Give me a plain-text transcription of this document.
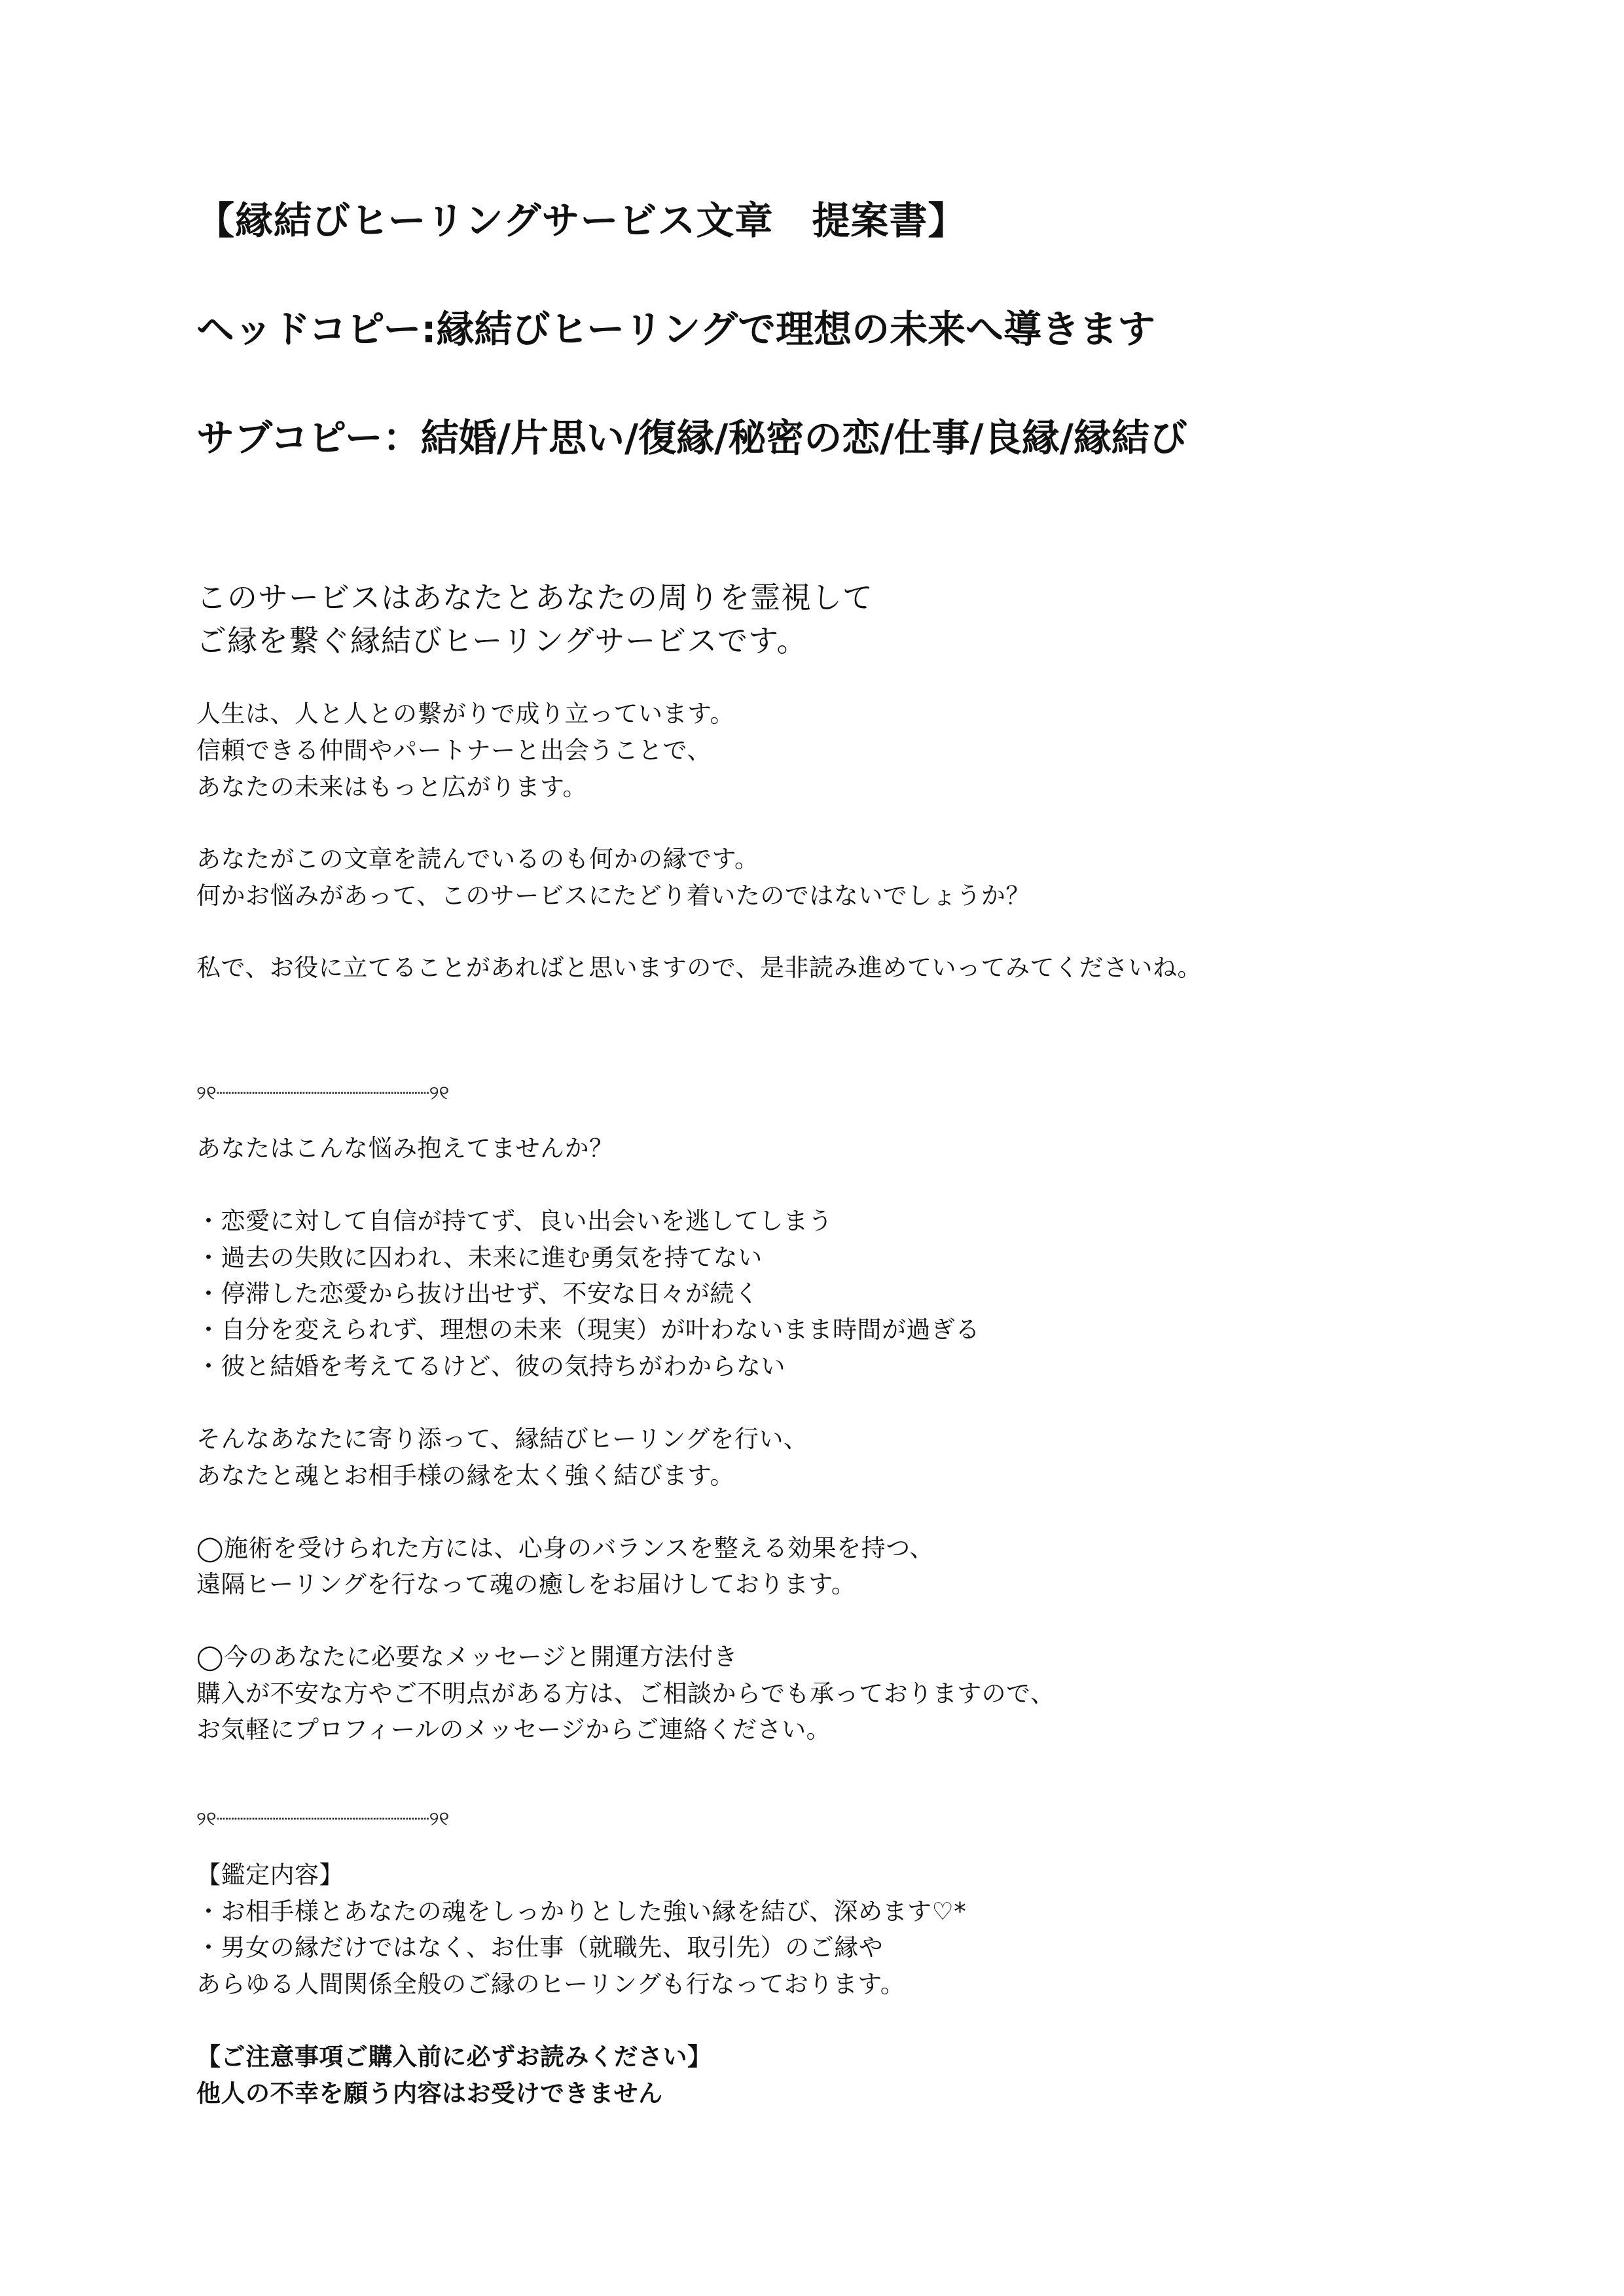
【縁結びヒーリングサービス文章　提案書】

ヘッドコピー:縁結びヒーリングで理想の未来へ導きます

サブコピー：結婚/片思い/復縁/秘密の恋/仕事/良縁/縁結び

このサービスはあなたとあなたの周りを霊視して

ご縁を繋ぐ縁結びヒーリングサービスです。

人生は、人と人との繋がりで成り立っています。

信頼できる仲間やパートナーと出会うことで、

あなたの未来はもっと広がります。

あなたがこの文章を読んでいるのも何かの縁です。

何かお悩みがあって、このサービスにたどり着いたのではないでしょうか？

私で、お役に立てることがあればと思いますので、是非読み進めていってみてくださいね。

୨୧┈┈┈┈┈┈┈┈┈┈┈┈┈┈┈┈┈┈୨୧

あなたはこんな悩み抱えてませんか？

・恋愛に対して自信が持てず、良い出会いを逃してしまう

・過去の失敗に囚われ、未来に進む勇気を持てない

・停滞した恋愛から抜け出せず、不安な日々が続く

・自分を変えられず、理想の未来（現実）が叶わないまま時間が過ぎる

・彼と結婚を考えてるけど、彼の気持ちがわからない

そんなあなたに寄り添って、縁結びヒーリングを行い、

あなたと魂とお相手様の縁を太く強く結びます。

◯施術を受けられた方には、心身のバランスを整える効果を持つ、

遠隔ヒーリングを行なって魂の癒しをお届けしております。

◯今のあなたに必要なメッセージと開運方法付き

購入が不安な方やご不明点がある方は、ご相談からでも承っておりますので、

お気軽にプロフィールのメッセージからご連絡ください。

୨୧┈┈┈┈┈┈┈┈┈┈┈┈┈┈┈┈┈┈୨୧

【鑑定内容】

・お相手様とあなたの魂をしっかりとした強い縁を結び、深めます♡*

・男女の縁だけではなく、お仕事（就職先、取引先）のご縁や

あらゆる人間関係全般のご縁のヒーリングも行なっております。

【ご注意事項ご購入前に必ずお読みください】

他人の不幸を願う内容はお受けできません
